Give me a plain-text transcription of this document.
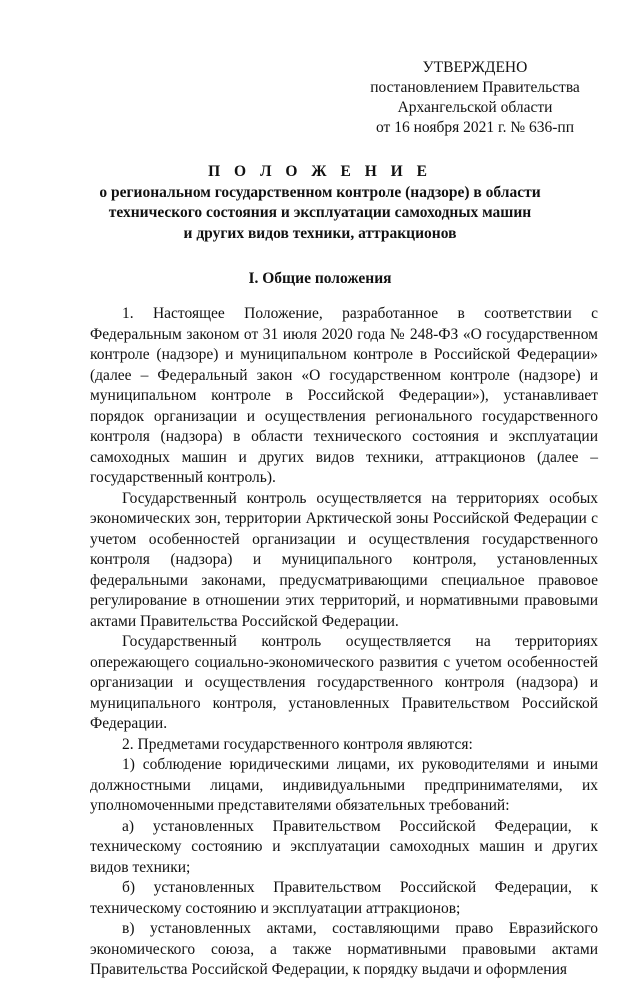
УТВЕРЖДЕНО
постановлением Правительства
Архангельской области
от 16 ноября 2021 г. № 636-пп
П О Л О Ж Е Н И Е
о региональном государственном контроле (надзоре) в области
технического состояния и эксплуатации самоходных машин
и других видов техники, аттракционов
I. Общие положения

1. Настоящее Положение, разработанное в соответствии с Федеральным законом от 31 июля 2020 года № 248-ФЗ «О государственном контроле (надзоре) и муниципальном контроле в Российской Федерации» (далее – Федеральный закон «О государственном контроле (надзоре) и муниципальном контроле в Российской Федерации»), устанавливает порядок организации и осуществления регионального государственного контроля (надзора) в области технического состояния и эксплуатации самоходных машин и других видов техники, аттракционов (далее – государственный контроль).

Государственный контроль осуществляется на территориях особых экономических зон, территории Арктической зоны Российской Федерации с учетом особенностей организации и осуществления государственного контроля (надзора) и муниципального контроля, установленных федеральными законами, предусматривающими специальное правовое регулирование в отношении этих территорий, и нормативными правовыми актами Правительства Российской Федерации.

Государственный контроль осуществляется на территориях опережающего социально-экономического развития с учетом особенностей организации и осуществления государственного контроля (надзора) и муниципального контроля, установленных Правительством Российской Федерации.

2. Предметами государственного контроля являются:

1) соблюдение юридическими лицами, их руководителями и иными должностными лицами, индивидуальными предпринимателями, их уполномоченными представителями обязательных требований:

а) установленных Правительством Российской Федерации, к техническому состоянию и эксплуатации самоходных машин и других видов техники;

б) установленных Правительством Российской Федерации, к техническому состоянию и эксплуатации аттракционов;

в) установленных актами, составляющими право Евразийского экономического союза, а также нормативными правовыми актами Правительства Российской Федерации, к порядку выдачи и оформления
